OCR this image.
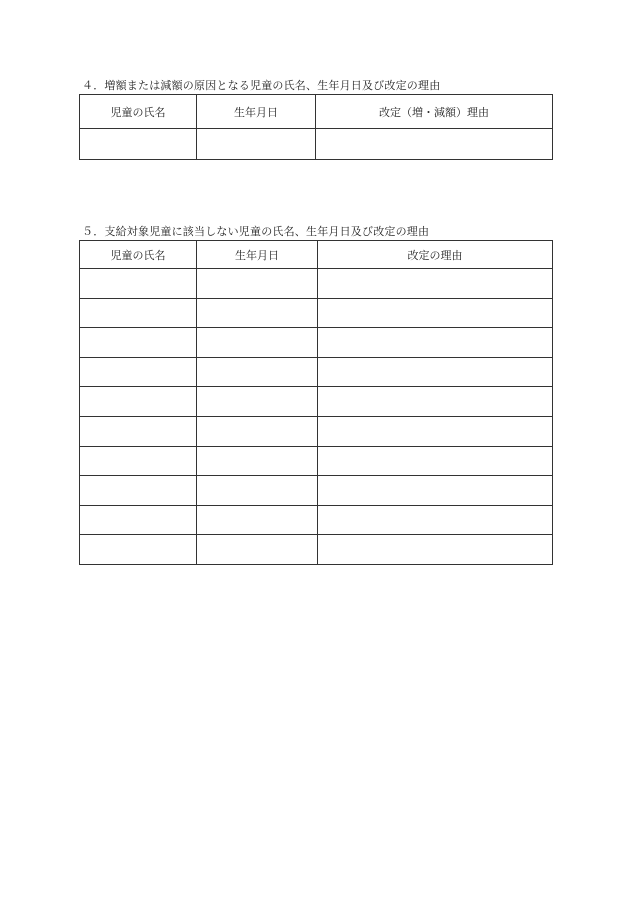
４．増額または減額の原因となる児童の氏名、生年月日及び改定の理由
児童の氏名	生年月日	改定（増・減額）理由

５．支給対象児童に該当しない児童の氏名、生年月日及び改定の理由
児童の氏名	生年月日	改定の理由
